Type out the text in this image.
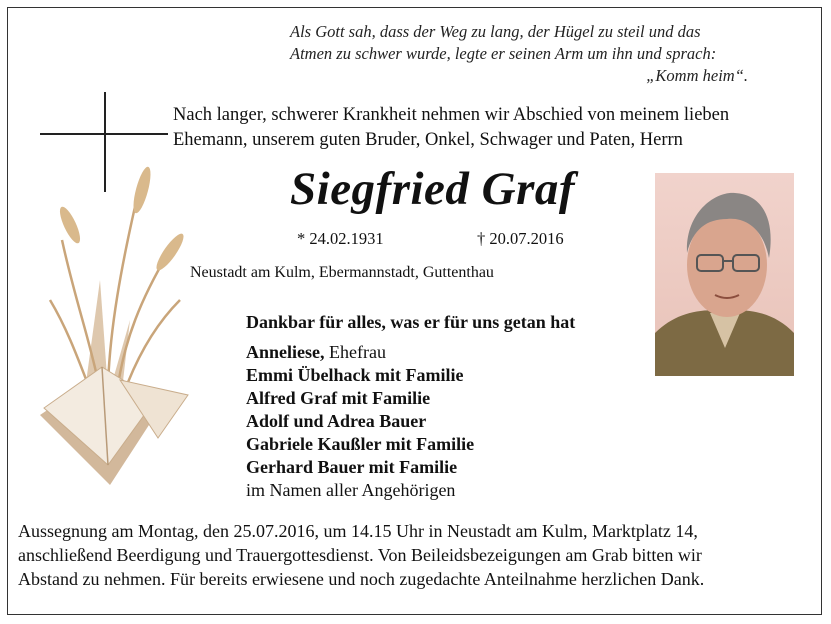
Als Gott sah, dass der Weg zu lang, der Hügel zu steil und das
Atmen zu schwer wurde, legte er seinen Arm um ihn und sprach:
„Komm heim“.
Nach langer, schwerer Krankheit nehmen wir Abschied von meinem lieben
Ehemann, unserem guten Bruder, Onkel, Schwager und Paten, Herrn
Siegfried Graf
* 24.02.1931	† 20.07.2016
Neustadt am Kulm, Ebermannstadt, Guttenthau
Dankbar für alles, was er für uns getan hat
Anneliese, Ehefrau
Emmi Übelhack mit Familie
Alfred Graf mit Familie
Adolf und Adrea Bauer
Gabriele Kaußler mit Familie
Gerhard Bauer mit Familie
im Namen aller Angehörigen
Aussegnung am Montag, den 25.07.2016, um 14.15 Uhr in Neustadt am Kulm, Marktplatz 14,
anschließend Beerdigung und Trauergottesdienst. Von Beileidsbezeigungen am Grab bitten wir
Abstand zu nehmen. Für bereits erwiesene und noch zugedachte Anteilnahme herzlichen Dank.
